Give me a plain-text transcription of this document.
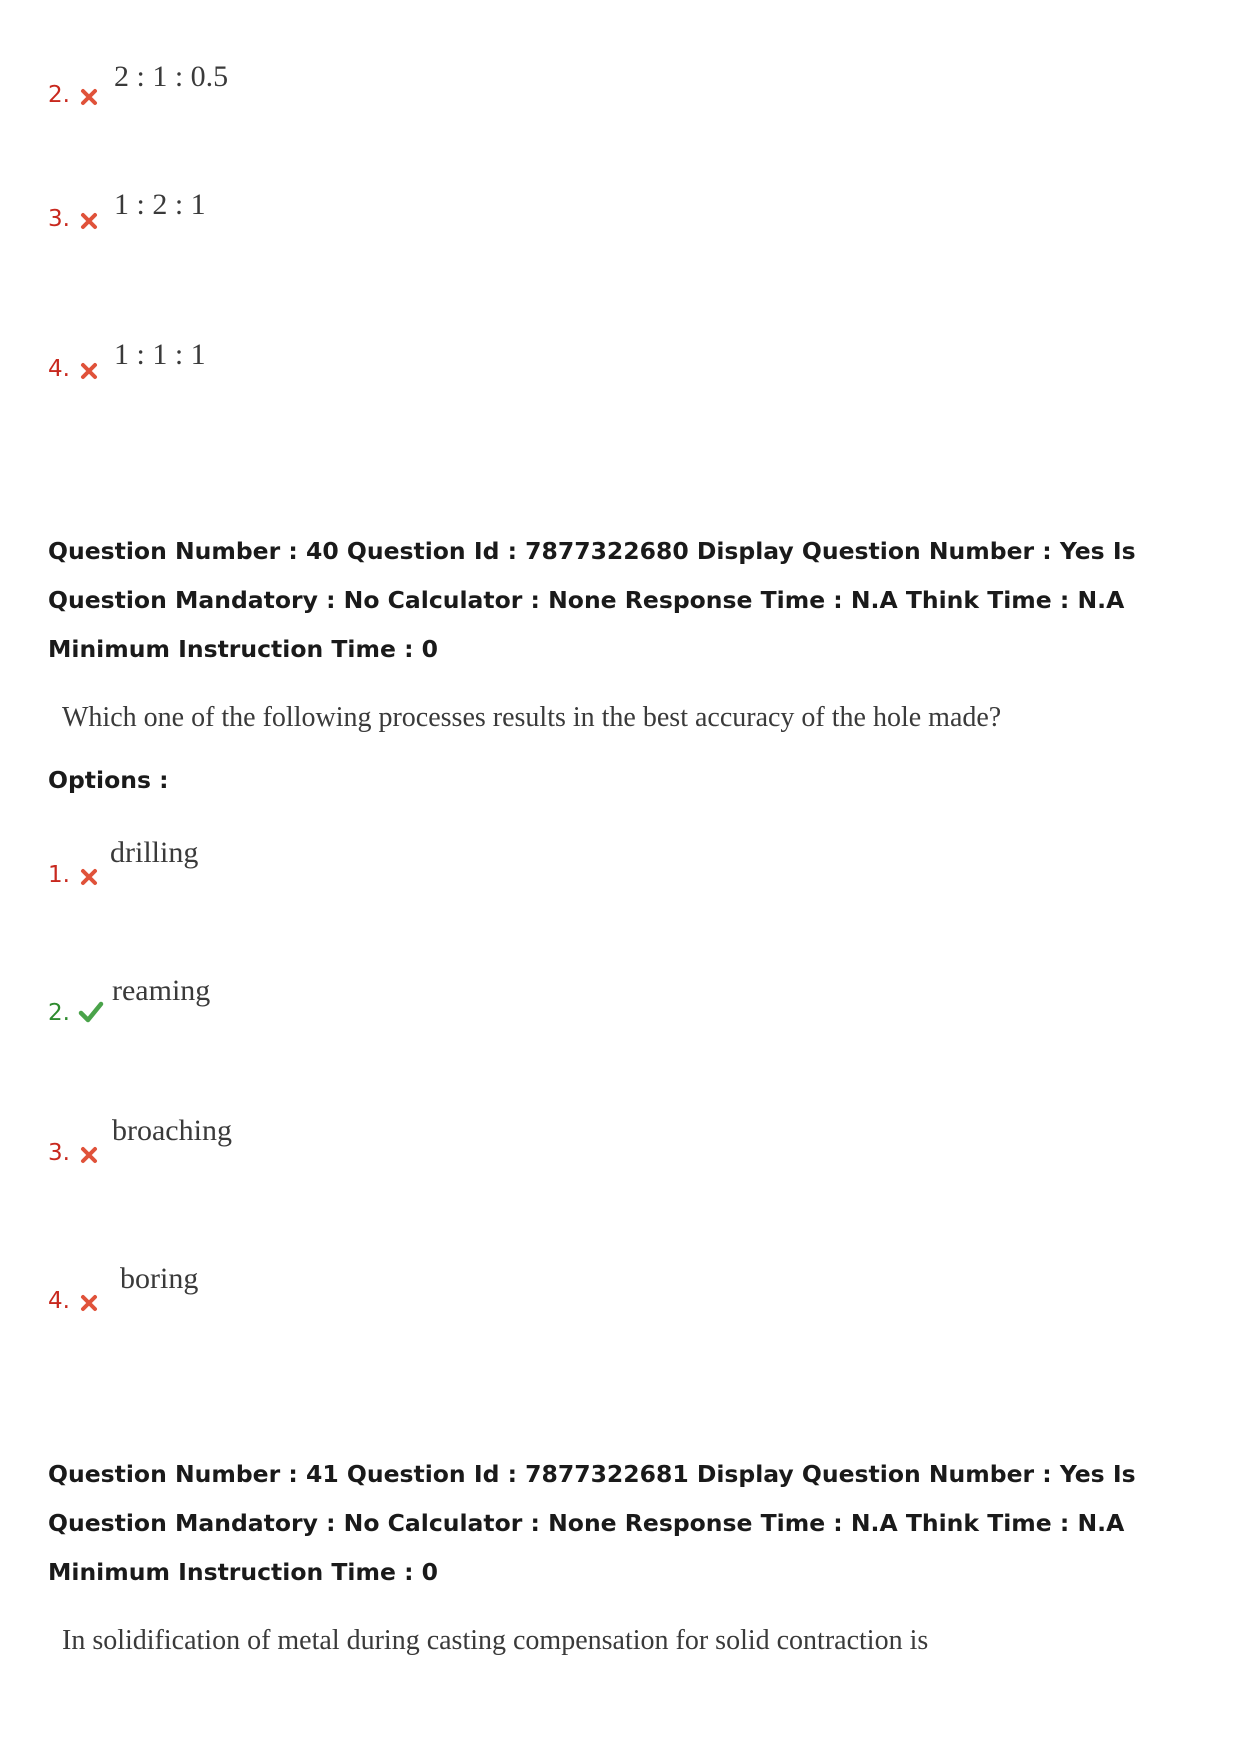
2.
2 : 1 : 0.5
3. 1 : 2 : 1
4. 1 : 1 : 1
Question Number : 40 Question Id : 7877322680 Display Question Number : Yes Is Question Mandatory : No Calculator : None Response Time : N.A Think Time : N.A Minimum Instruction Time : 0
Which one of the following processes results in the best accuracy of the hole made?
Options :
1.
drilling
2.
reaming
3.
broaching
4.
boring
Question Number : 41 Question Id : 7877322681 Display Question Number : Yes Is Question Mandatory : No Calculator : None Response Time : N.A Think Time : N.A Minimum Instruction Time : 0
In solidification of metal during casting compensation for solid contraction is
